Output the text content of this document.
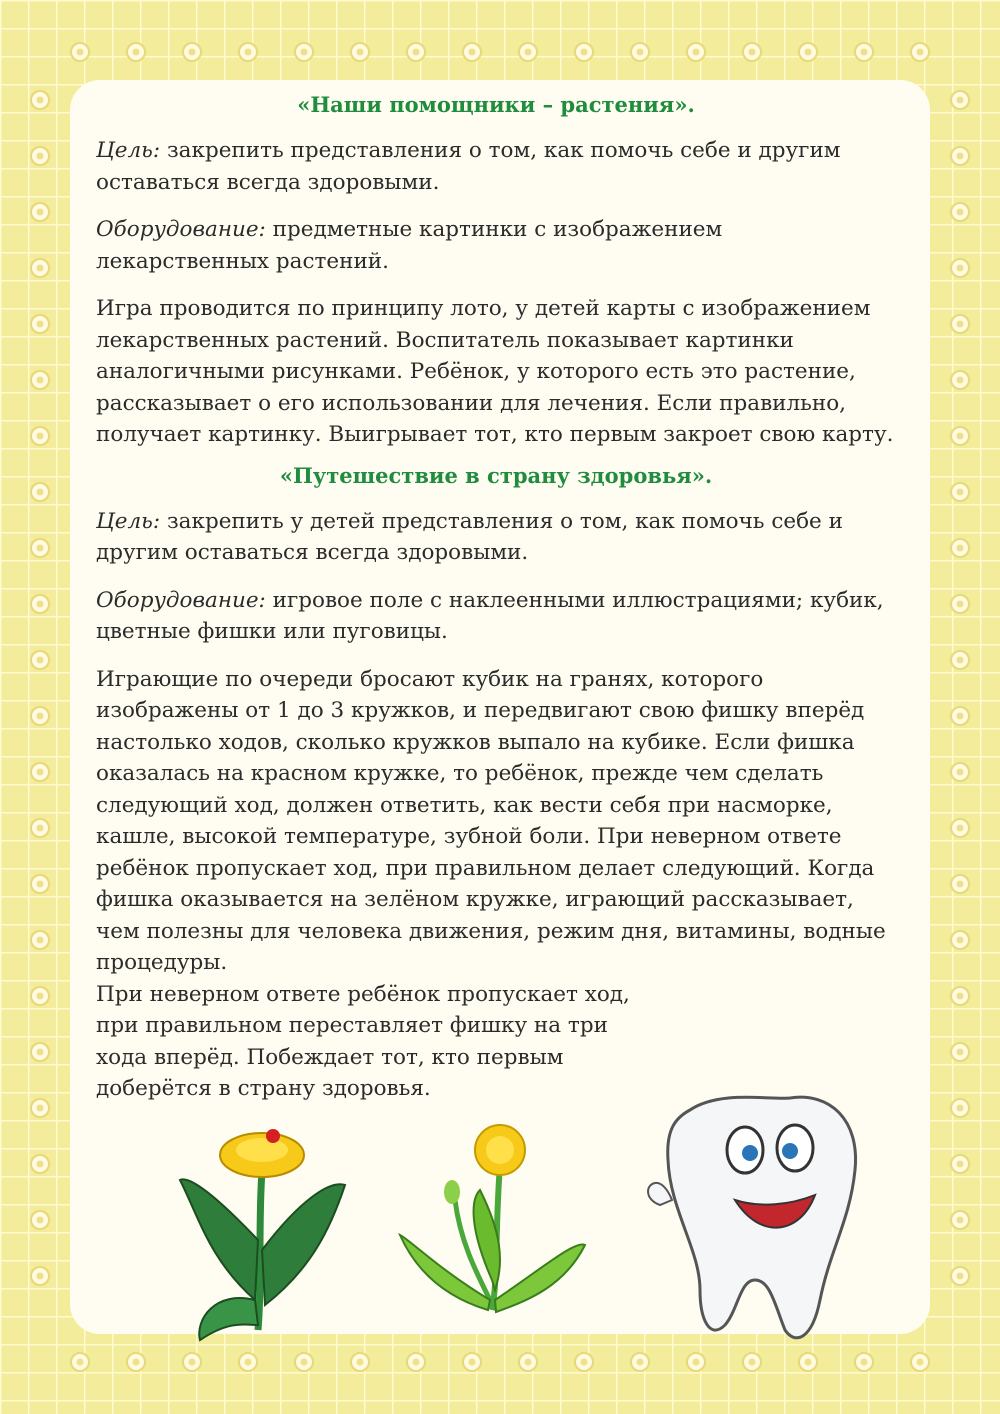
«Наши помощники – растения».

Цель: закрепить представления о том, как помочь себе и другим оставаться всегда здоровыми.

Оборудование: предметные картинки с изображением лекарственных растений.

Игра проводится по принципу лото, у детей карты с изображением лекарственных растений. Воспитатель показывает картинки аналогичными рисунками. Ребёнок, у которого есть это растение, рассказывает о его использовании для лечения. Если правильно, получает картинку. Выигрывает тот, кто первым закроет свою карту.

«Путешествие в страну здоровья».

Цель: закрепить у детей представления о том, как помочь себе и другим оставаться всегда здоровыми.

Оборудование: игровое поле с наклеенными иллюстрациями; кубик, цветные фишки или пуговицы.

Играющие по очереди бросают кубик на гранях, которого изображены от 1 до 3 кружков, и передвигают свою фишку вперёд настолько ходов, сколько кружков выпало на кубике. Если фишка оказалась на красном кружке, то ребёнок, прежде чем сделать следующий ход, должен ответить, как вести себя при насморке, кашле, высокой температуре, зубной боли. При неверном ответе ребёнок пропускает ход, при правильном делает следующий. Когда фишка оказывается на зелёном кружке, играющий рассказывает, чем полезны для человека движения, режим дня, витамины, водные процедуры.

При неверном ответе ребёнок пропускает ход, при правильном переставляет фишку на три хода вперёд. Побеждает тот, кто первым доберётся в страну здоровья.
